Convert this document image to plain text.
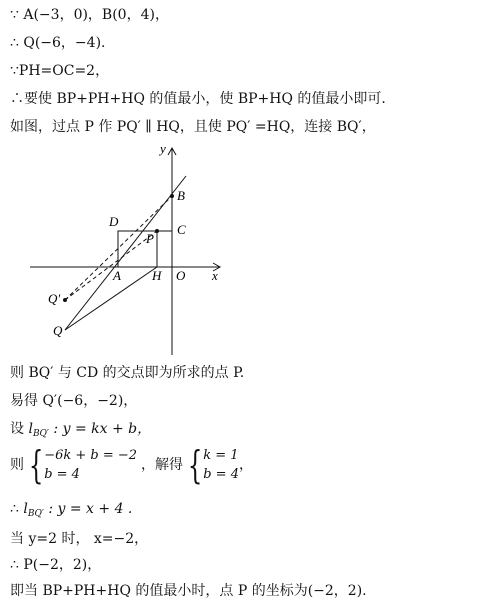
∵ A(−3，0)，B(0，4)，
∴ Q(−6，−4).
∵PH=OC=2，
∴要使 BP+PH+HQ 的值最小，使 BP+HQ 的值最小即可.
如图，过点 P 作 PQ′ ∥ HQ，且使 PQ′ =HQ，连接 BQ′，
y
x
B
C
D
P
A H O
Q′
Q
则 BQ′ 与 CD 的交点即为所求的点 P.
易得 Q′(−6，−2)，
设 $l_{BQ'}$ : y = kx + b，
则 {−6k + b = −2
b = 4，解得 {k = 1
b = 4，
∴ $l_{BQ'}$ : y = x + 4 .
当 y=2 时， x=−2，
∴ P(−2，2)，
即当 BP+PH+HQ 的值最小时，点 P 的坐标为(−2，2).
